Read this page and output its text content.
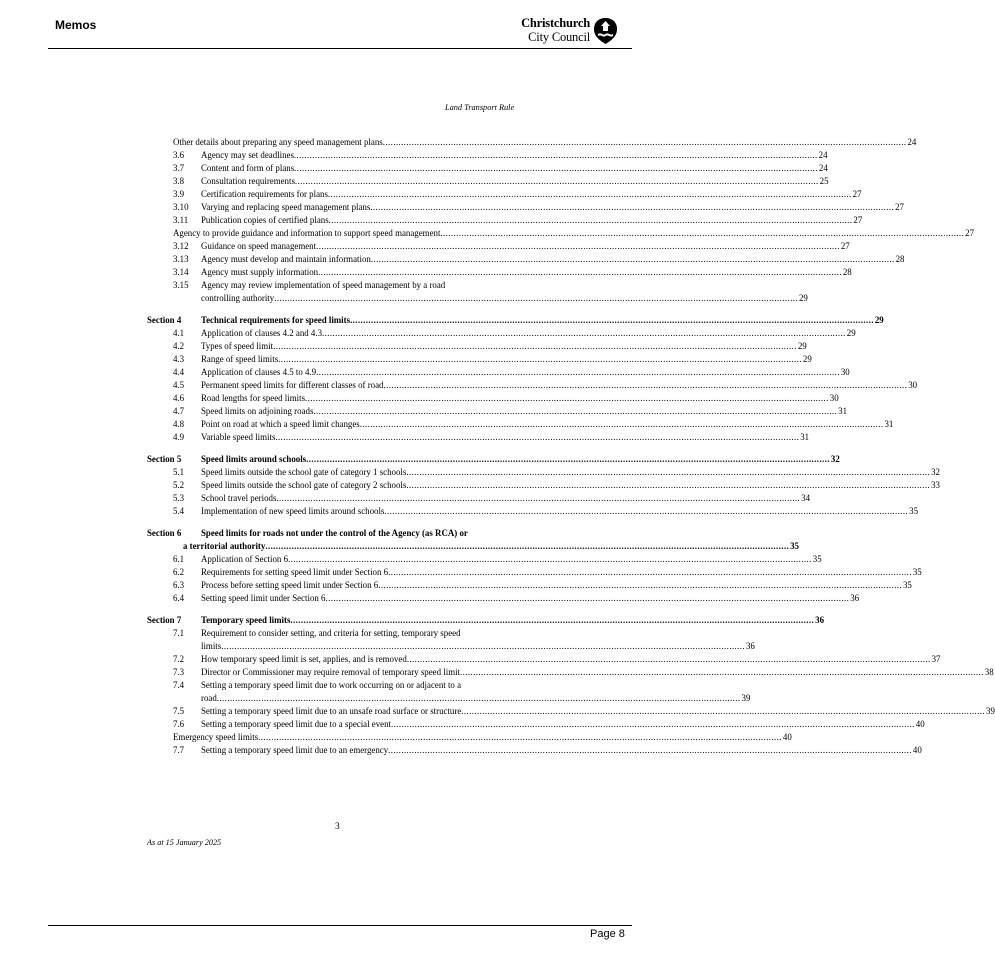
Memos	Christchurch
City Council
Land Transport Rule
Other details about preparing any speed management plans ........................................................................................................................................................................................................ 24
3.6	Agency may set deadlines ........................................................................................................................................................................................................ 24
3.7	Content and form of plans ........................................................................................................................................................................................................ 24
3.8	Consultation requirements ........................................................................................................................................................................................................ 25
3.9	Certification requirements for plans ........................................................................................................................................................................................................ 27
3.10	Varying and replacing speed management plans ........................................................................................................................................................................................................ 27
3.11	Publication copies of certified plans ........................................................................................................................................................................................................ 27
Agency to provide guidance and information to support speed management ........................................................................................................................................................................................................ 27
3.12	Guidance on speed management ........................................................................................................................................................................................................ 27
3.13	Agency must develop and maintain information ........................................................................................................................................................................................................ 28
3.14	Agency must supply information ........................................................................................................................................................................................................ 28
3.15	Agency may review implementation of speed management by a road
controlling authority ........................................................................................................................................................................................................ 29
Section 4	Technical requirements for speed limits ........................................................................................................................................................................................................ 29
4.1	Application of clauses 4.2 and 4.3 ........................................................................................................................................................................................................ 29
4.2	Types of speed limit ........................................................................................................................................................................................................ 29
4.3	Range of speed limits ........................................................................................................................................................................................................ 29
4.4	Application of clauses 4.5 to 4.9 ........................................................................................................................................................................................................ 30
4.5	Permanent speed limits for different classes of road ........................................................................................................................................................................................................ 30
4.6	Road lengths for speed limits ........................................................................................................................................................................................................ 30
4.7	Speed limits on adjoining roads ........................................................................................................................................................................................................ 31
4.8	Point on road at which a speed limit changes ........................................................................................................................................................................................................ 31
4.9	Variable speed limits ........................................................................................................................................................................................................ 31
Section 5	Speed limits around schools ........................................................................................................................................................................................................ 32
5.1	Speed limits outside the school gate of category 1 schools ........................................................................................................................................................................................................ 32
5.2	Speed limits outside the school gate of category 2 schools ........................................................................................................................................................................................................ 33
5.3	School travel periods ........................................................................................................................................................................................................ 34
5.4	Implementation of new speed limits around schools ........................................................................................................................................................................................................ 35
Section 6	Speed limits for roads not under the control of the Agency (as RCA) or
a territorial authority ........................................................................................................................................................................................................ 35
6.1	Application of Section 6 ........................................................................................................................................................................................................ 35
6.2	Requirements for setting speed limit under Section 6 ........................................................................................................................................................................................................ 35
6.3	Process before setting speed limit under Section 6 ........................................................................................................................................................................................................ 35
6.4	Setting speed limit under Section 6 ........................................................................................................................................................................................................ 36
Section 7	Temporary speed limits ........................................................................................................................................................................................................ 36
7.1	Requirement to consider setting, and criteria for setting, temporary speed
limits ........................................................................................................................................................................................................ 36
7.2	How temporary speed limit is set, applies, and is removed ........................................................................................................................................................................................................ 37
7.3	Director or Commissioner may require removal of temporary speed limit ........................................................................................................................................................................................................ 38
7.4	Setting a temporary speed limit due to work occurring on or adjacent to a
road ........................................................................................................................................................................................................ 39
7.5	Setting a temporary speed limit due to an unsafe road surface or structure ........................................................................................................................................................................................................ 39
7.6	Setting a temporary speed limit due to a special event ........................................................................................................................................................................................................ 40
Emergency speed limits ........................................................................................................................................................................................................ 40
7.7	Setting a temporary speed limit due to an emergency ........................................................................................................................................................................................................ 40
3
As at 15 January 2025
Page 8
